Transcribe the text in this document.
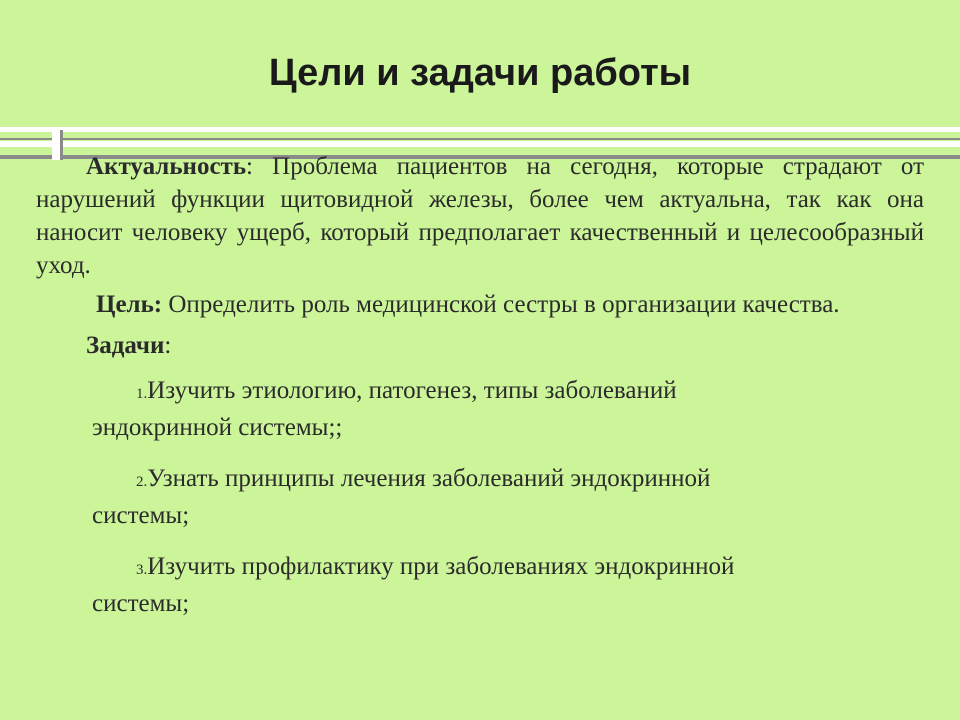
Цели и задачи работы

Актуальность: Проблема пациентов на сегодня, которые страдают от нарушений функции щитовидной железы, более чем актуальна, так как она наносит человеку ущерб, который предполагает качественный и целесообразный уход.

Цель: Определить роль медицинской сестры в организации качества.

Задачи:

1.Изучить этиологию, патогенез, типы заболеваний
эндокринной системы;;
2.Узнать принципы лечения заболеваний эндокринной
системы;
3.Изучить профилактику при заболеваниях эндокринной
системы;
